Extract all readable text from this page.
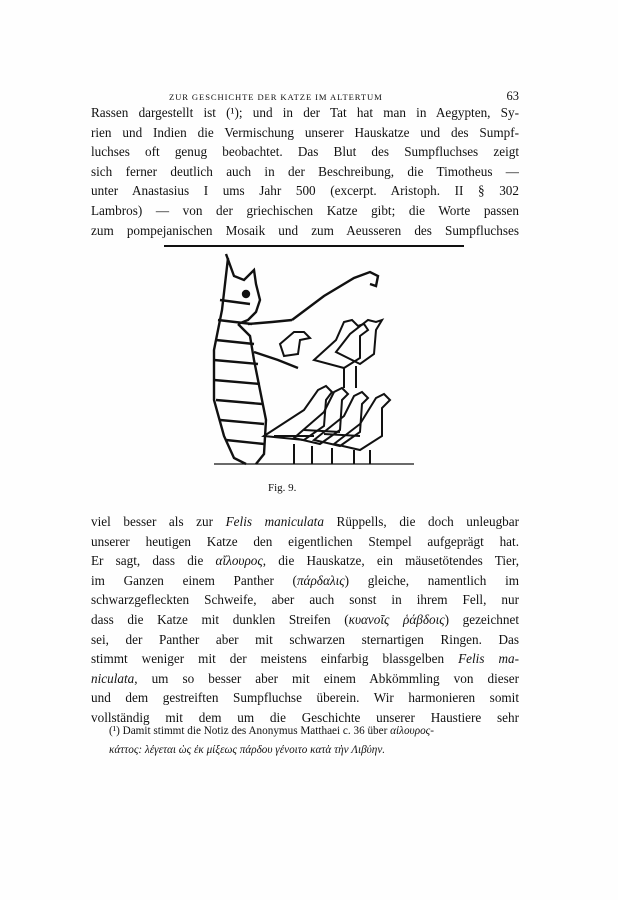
ZUR GESCHICHTE DER KATZE IM ALTERTUM	63
Rassen dargestellt ist (¹); und in der Tat hat man in Aegypten, Sy-
rien und Indien die Vermischung unserer Hauskatze und des Sumpf-
luchses oft genug beobachtet. Das Blut des Sumpfluchses zeigt
sich ferner deutlich auch in der Beschreibung, die Timotheus —
unter Anastasius I ums Jahr 500 (excerpt. Aristoph. II § 302
Lambros) — von der griechischen Katze gibt; die Worte passen
zum pompejanischen Mosaik und zum Aeusseren des Sumpfluchses
Fig. 9.
viel besser als zur Felis maniculata Rüppells, die doch unleugbar
unserer heutigen Katze den eigentlichen Stempel aufgeprägt hat.
Er sagt, dass die αἴλουρος, die Hauskatze, ein mäusetötendes Tier,
im Ganzen einem Panther (πάρδαλις) gleiche, namentlich im
schwarzgefleckten Schweife, aber auch sonst in ihrem Fell, nur
dass die Katze mit dunklen Streifen (κυανοῖς ῥάβδοις) gezeichnet
sei, der Panther aber mit schwarzen sternartigen Ringen. Das
stimmt weniger mit der meistens einfarbig blassgelben Felis ma-
niculata, um so besser aber mit einem Abkömmling von dieser
und dem gestreiften Sumpfluchse überein. Wir harmonieren somit
vollständig mit dem um die Geschichte unserer Haustiere sehr
(¹) Damit stimmt die Notiz des Anonymus Matthaei c. 36 über αἰλουρος-
κάττος: λέγεται ὡς ἐκ μίξεως πάρδου γένοιτο κατὰ τὴν Λιβύην.
